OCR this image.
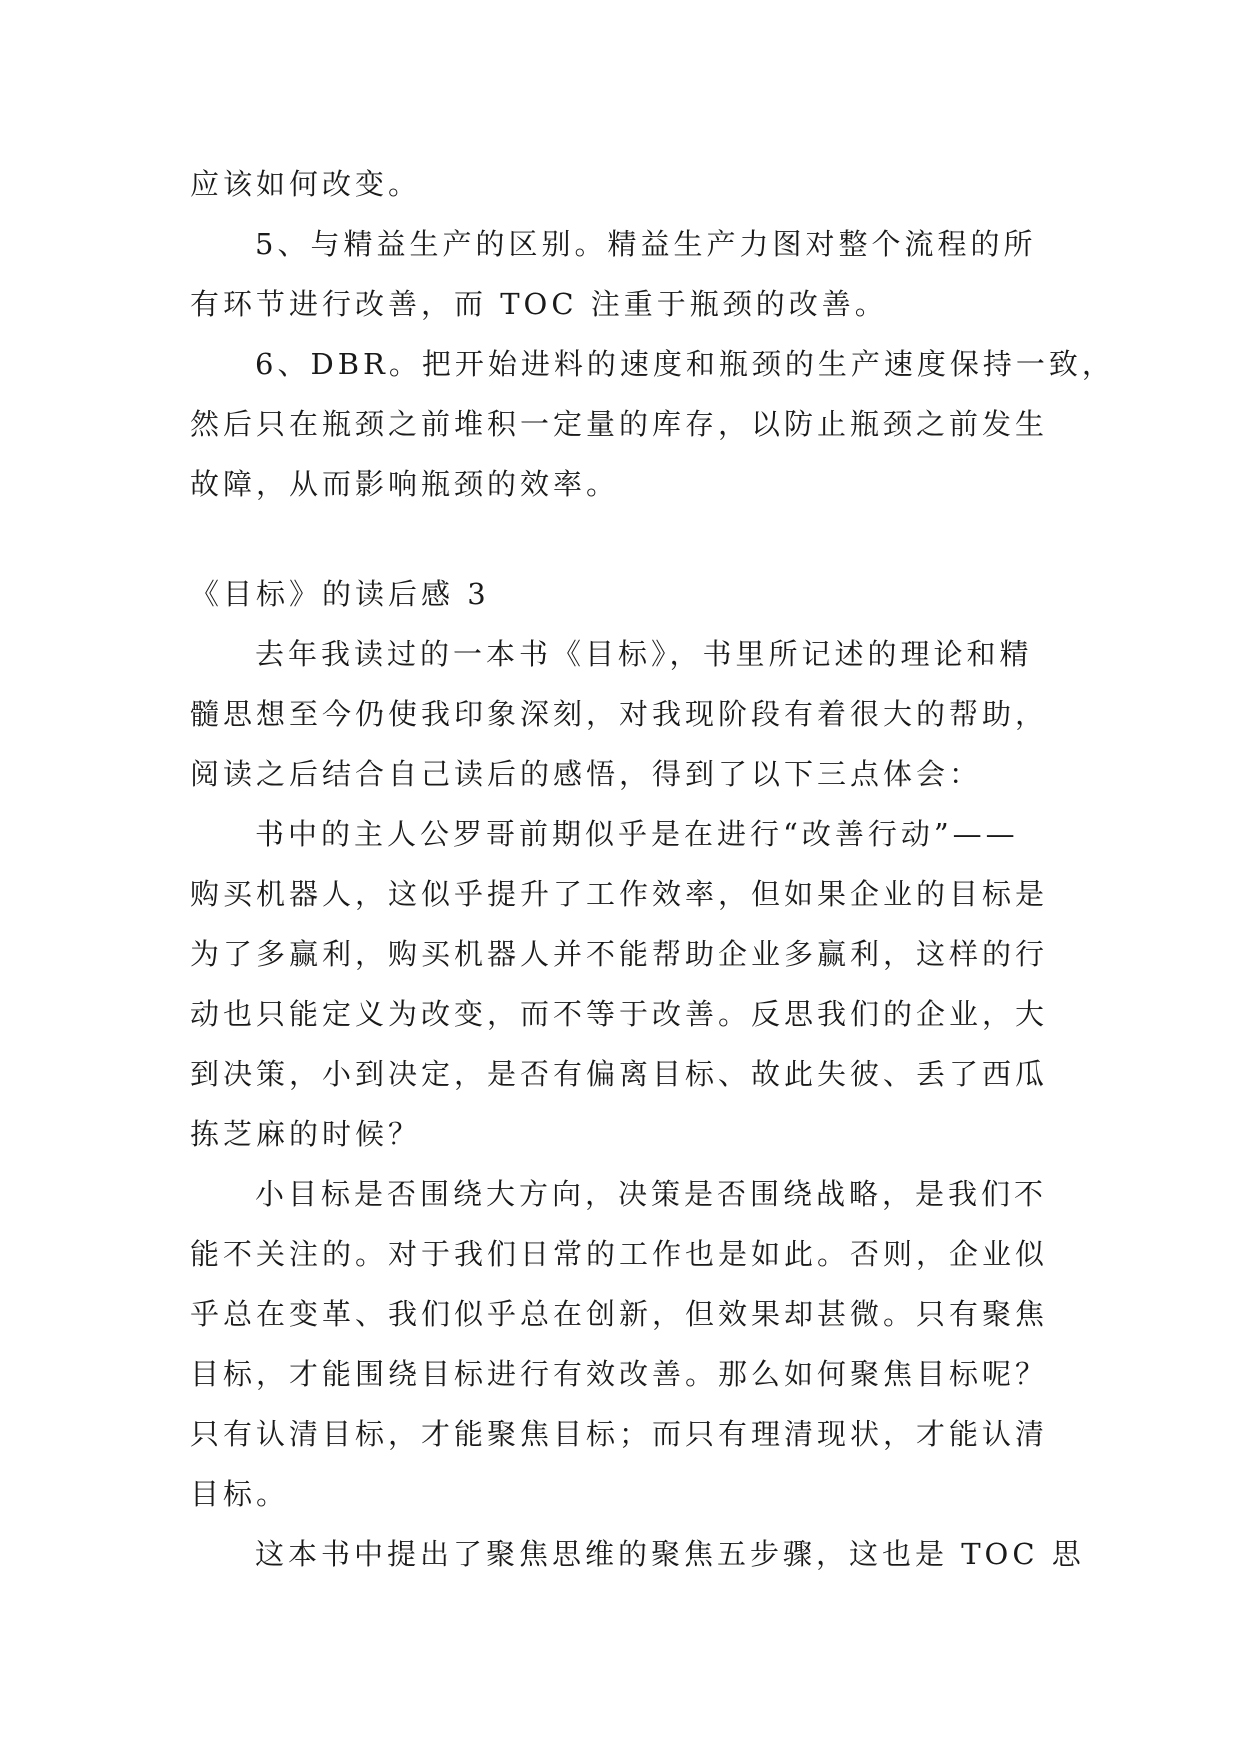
应该如何改变。
5、与精益生产的区别。精益生产力图对整个流程的所
有环节进行改善，而 TOC 注重于瓶颈的改善。
6、DBR。把开始进料的速度和瓶颈的生产速度保持一致，
然后只在瓶颈之前堆积一定量的库存，以防止瓶颈之前发生
故障，从而影响瓶颈的效率。
《目标》的读后感 3
去年我读过的一本书《目标》，书里所记述的理论和精
髓思想至今仍使我印象深刻，对我现阶段有着很大的帮助，
阅读之后结合自己读后的感悟，得到了以下三点体会：
书中的主人公罗哥前期似乎是在进行“改善行动”——
购买机器人，这似乎提升了工作效率，但如果企业的目标是
为了多赢利，购买机器人并不能帮助企业多赢利，这样的行
动也只能定义为改变，而不等于改善。反思我们的企业，大
到决策，小到决定，是否有偏离目标、故此失彼、丢了西瓜
拣芝麻的时候？
小目标是否围绕大方向，决策是否围绕战略，是我们不
能不关注的。对于我们日常的工作也是如此。否则，企业似
乎总在变革、我们似乎总在创新，但效果却甚微。只有聚焦
目标，才能围绕目标进行有效改善。那么如何聚焦目标呢？
只有认清目标，才能聚焦目标；而只有理清现状，才能认清
目标。
这本书中提出了聚焦思维的聚焦五步骤，这也是 TOC 思
